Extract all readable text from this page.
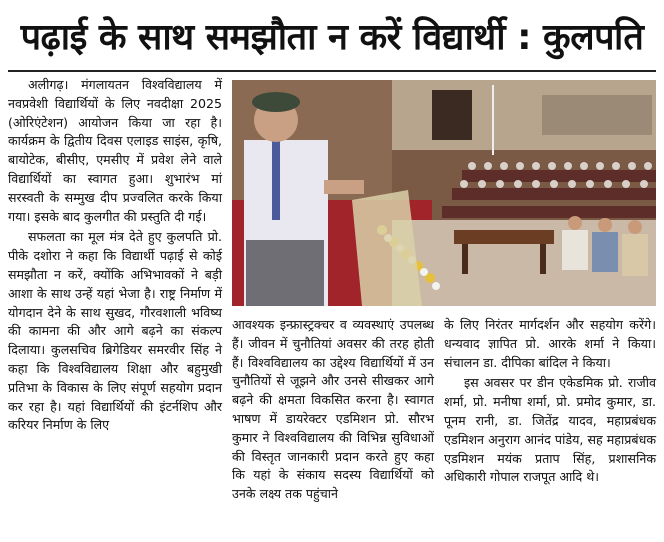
पढ़ाई के साथ समझौता न करें विद्यार्थी : कुलपति

अलीगढ़। मंगलायतन विश्वविद्यालय में नवप्रवेशी विद्यार्थियों के लिए नवदीक्षा 2025 (ओरिएंटेशन) आयोजन किया जा रहा है। कार्यक्रम के द्वितीय दिवस एलाइड साइंस, कृषि, बायोटेक, बीसीए, एमसीए में प्रवेश लेने वाले विद्यार्थियों का स्वागत हुआ। शुभारंभ मां सरस्वती के सम्मुख दीप प्रज्वलित करके किया गया। इसके बाद कुलगीत की प्रस्तुति दी गई।

सफलता का मूल मंत्र देते हुए कुलपति प्रो. पीके दशोरा ने कहा कि विद्यार्थी पढ़ाई से कोई समझौता न करें, क्योंकि अभिभावकों ने बड़ी आशा के साथ उन्हें यहां भेजा है। राष्ट्र निर्माण में योगदान देने के साथ सुखद, गौरवशाली भविष्य की कामना की और आगे बढ़ने का संकल्प दिलाया। कुलसचिव ब्रिगेडियर समरवीर सिंह ने कहा कि विश्वविद्यालय शिक्षा और बहुमुखी प्रतिभा के विकास के लिए संपूर्ण सहयोग प्रदान कर रहा है। यहां विद्यार्थियों की इंटर्नशिप और करियर निर्माण के लिए

आवश्यक इन्फ्रास्ट्रक्चर व व्यवस्थाएं उपलब्ध हैं। जीवन में चुनौतियां अवसर की तरह होती हैं। विश्वविद्यालय का उद्देश्य विद्यार्थियों में उन चुनौतियों से जूझने और उनसे सीखकर आगे बढ़ने की क्षमता विकसित करना है। स्वागत भाषण में डायरेक्टर एडमिशन प्रो. सौरभ कुमार ने विश्वविद्यालय की विभिन्न सुविधाओं की विस्तृत जानकारी प्रदान करते हुए कहा कि यहां के संकाय सदस्य विद्यार्थियों को उनके लक्ष्य तक पहुंचाने

के लिए निरंतर मार्गदर्शन और सहयोग करेंगे। धन्यवाद ज्ञापित प्रो. आरके शर्मा ने किया। संचालन डा. दीपिका बांदिल ने किया।

इस अवसर पर डीन एकेडमिक प्रो. राजीव शर्मा, प्रो. मनीषा शर्मा, प्रो. प्रमोद कुमार, डा. पूनम रानी, डा. जितेंद्र यादव, महाप्रबंधक एडमिशन अनुराग आनंद पांडेय, सह महाप्रबंधक एडमिशन मयंक प्रताप सिंह, प्रशासनिक अधिकारी गोपाल राजपूत आदि थे।
